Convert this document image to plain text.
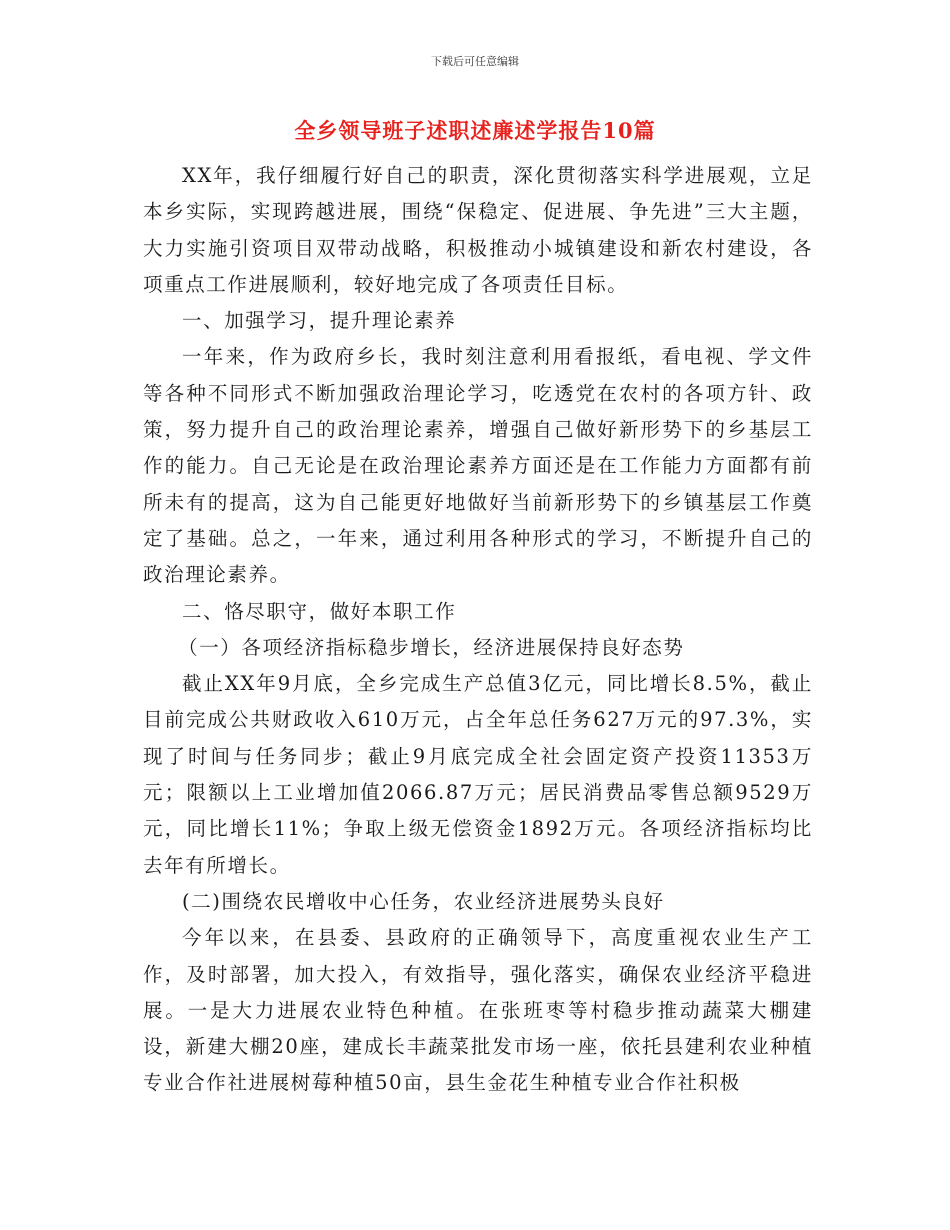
下载后可任意编辑
全乡领导班子述职述廉述学报告10篇

XX年，我仔细履行好自己的职责，深化贯彻落实科学进展观，立足本乡实际，实现跨越进展，围绕“保稳定、促进展、争先进”三大主题，大力实施引资项目双带动战略，积极推动小城镇建设和新农村建设，各项重点工作进展顺利，较好地完成了各项责任目标。

一、加强学习，提升理论素养

一年来，作为政府乡长，我时刻注意利用看报纸，看电视、学文件等各种不同形式不断加强政治理论学习，吃透党在农村的各项方针、政策，努力提升自己的政治理论素养，增强自己做好新形势下的乡基层工作的能力。自己无论是在政治理论素养方面还是在工作能力方面都有前所未有的提高，这为自己能更好地做好当前新形势下的乡镇基层工作奠定了基础。总之，一年来，通过利用各种形式的学习，不断提升自己的政治理论素养。

二、恪尽职守，做好本职工作

（一）各项经济指标稳步增长，经济进展保持良好态势

截止XX年9月底，全乡完成生产总值3亿元，同比增长8.5%，截止目前完成公共财政收入610万元，占全年总任务627万元的97.3%，实现了时间与任务同步；截止9月底完成全社会固定资产投资11353万元；限额以上工业增加值2066.87万元；居民消费品零售总额9529万元，同比增长11%；争取上级无偿资金1892万元。各项经济指标均比去年有所增长。

(二)围绕农民增收中心任务，农业经济进展势头良好

今年以来，在县委、县政府的正确领导下，高度重视农业生产工作，及时部署，加大投入，有效指导，强化落实，确保农业经济平稳进展。一是大力进展农业特色种植。在张班枣等村稳步推动蔬菜大棚建设，新建大棚20座，建成长丰蔬菜批发市场一座，依托县建利农业种植专业合作社进展树莓种植50亩，县生金花生种植专业合作社积极
